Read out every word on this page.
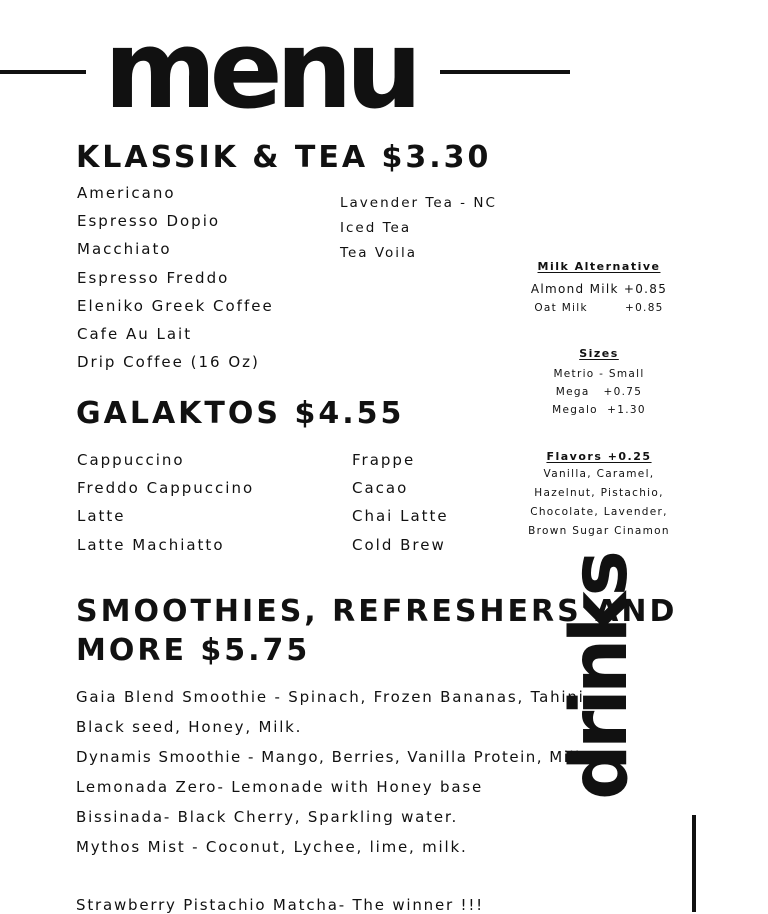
menu
KLASSIK & TEA $3.30
Americano
Espresso Dopio
Macchiato
Espresso Freddo
Eleniko Greek Coffee
Cafe Au Lait
Drip Coffee (16 Oz)
Lavender Tea - NC
Iced Tea
Tea Voila
GALAKTOS $4.55
Cappuccino
Freddo Cappuccino
Latte
Latte Machiatto
Frappe
Cacao
Chai Latte
Cold Brew
Milk Alternative
Almond Milk +0.85
Oat Milk        +0.85
Sizes
Metrio - Small
Mega   +0.75
Megalo  +1.30
Flavors +0.25
Vanilla, Caramel,
Hazelnut, Pistachio,
Chocolate, Lavender,
Brown Sugar Cinamon
SMOOTHIES, REFRESHERS AND
MORE $5.75
Gaia Blend Smoothie - Spinach, Frozen Bananas, Tahini,
Black seed, Honey, Milk.
Dynamis Smoothie - Mango, Berries, Vanilla Protein, Milk
Lemonada Zero- Lemonade with Honey base
Bissinada- Black Cherry, Sparkling water.
Mythos Mist - Coconut, Lychee, lime, milk.
Strawberry Pistachio Matcha- The winner !!!
drinks
